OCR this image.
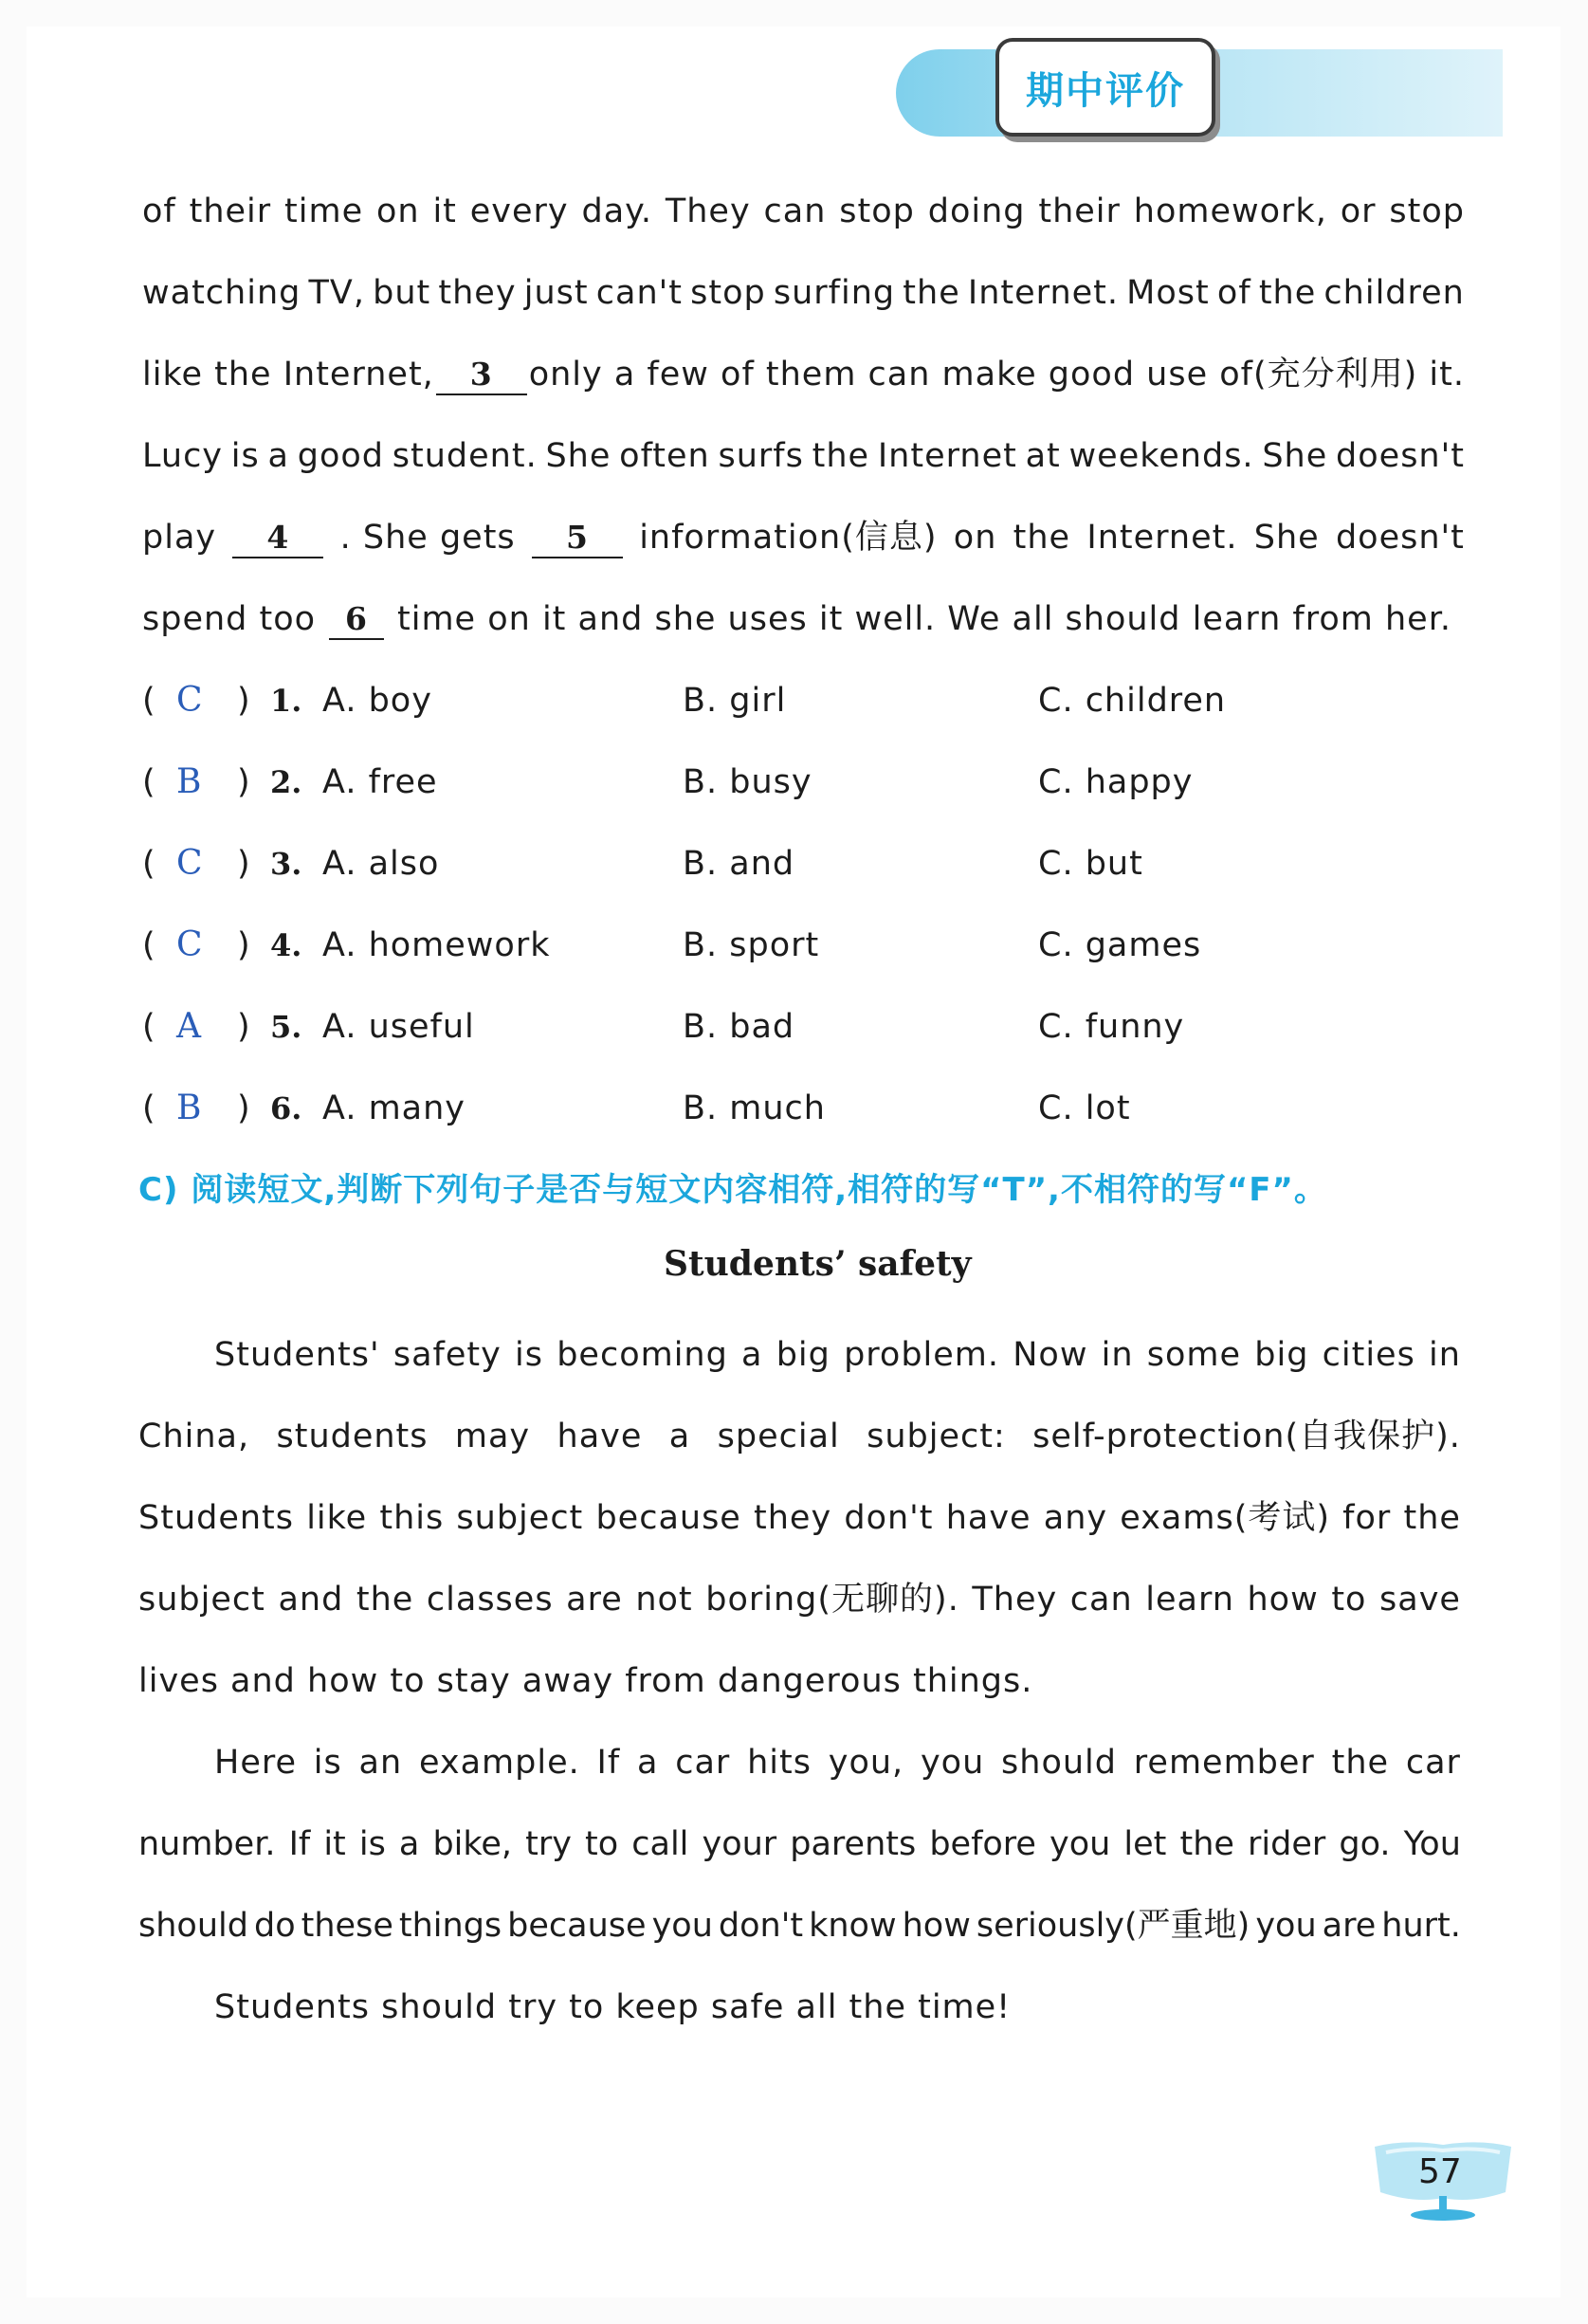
期中评价
of their time on it every day. They can stop doing their homework, or stop
watching TV, but they just can't stop surfing the Internet. Most of the children
like the Internet,	3	only a few of them can make good use of(充分利用) it.
Lucy is a good student. She often surfs the Internet at weekends. She doesn't
play	4	. She gets	5	information(信息) on the Internet. She doesn't
spend too 6 time on it and she uses it well. We all should learn from her.
( C ) 1. A. boy	B. girl	C. children
( B ) 2. A. free	B. busy	C. happy
( C ) 3. A. also	B. and	C. but
( C ) 4. A. homework	B. sport	C. games
( A ) 5. A. useful	B. bad	C. funny
( B ) 6. A. many	B. much	C. lot
C) 阅读短文,判断下列句子是否与短文内容相符,相符的写“T”,不相符的写“F”。
Students’ safety
Students' safety is becoming a big problem. Now in some big cities in
China, students may have a special subject: self-protection(自我保护).
Students like this subject because they don't have any exams(考试) for the
subject and the classes are not boring(无聊的). They can learn how to save
lives and how to stay away from dangerous things.
Here is an example. If a car hits you, you should remember the car
number. If it is a bike, try to call your parents before you let the rider go. You
should do these things because you don't know how seriously(严重地) you are hurt.
Students should try to keep safe all the time!
57
